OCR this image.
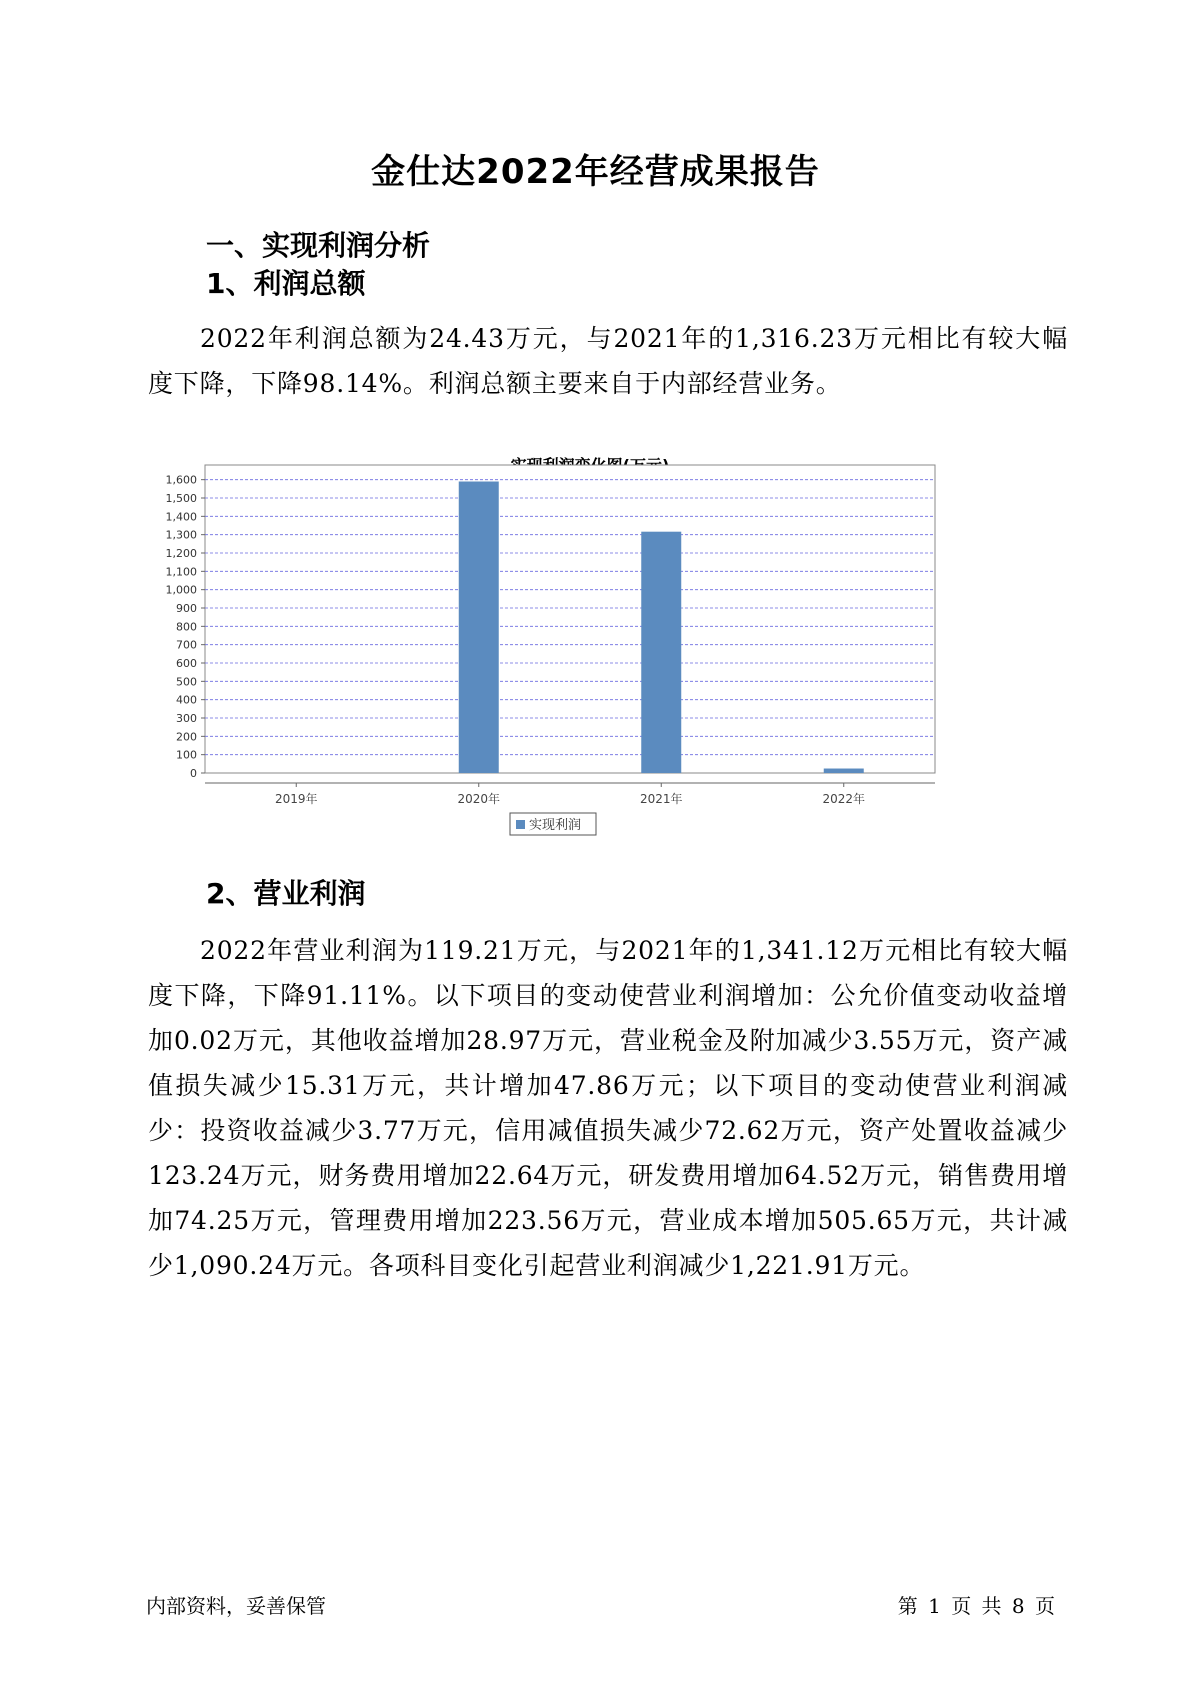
金仕达2022年经营成果报告
一、实现利润分析
1、利润总额

2022年利润总额为24.43万元，与2021年的1,316.23万元相比有较大幅度下降，下降98.14%。利润总额主要来自于内部经营业务。

0
100
200
300
400
500
600
700
800
900
1,000
1,100
1,200
1,300
1,400
1,500
1,600
2019年	2020年	2021年	2022年
实现利润
2、营业利润

2022年营业利润为119.21万元，与2021年的1,341.12万元相比有较大幅度下降，下降91.11%。以下项目的变动使营业利润增加：公允价值变动收益增加0.02万元，其他收益增加28.97万元，营业税金及附加减少3.55万元，资产减值损失减少15.31万元，共计增加47.86万元；以下项目的变动使营业利润减少：投资收益减少3.77万元，信用减值损失减少72.62万元，资产处置收益减少123.24万元，财务费用增加22.64万元，研发费用增加64.52万元，销售费用增加74.25万元，管理费用增加223.56万元，营业成本增加505.65万元，共计减少1,090.24万元。各项科目变化引起营业利润减少1,221.91万元。

内部资料，妥善保管	第 1 页 共 8 页
